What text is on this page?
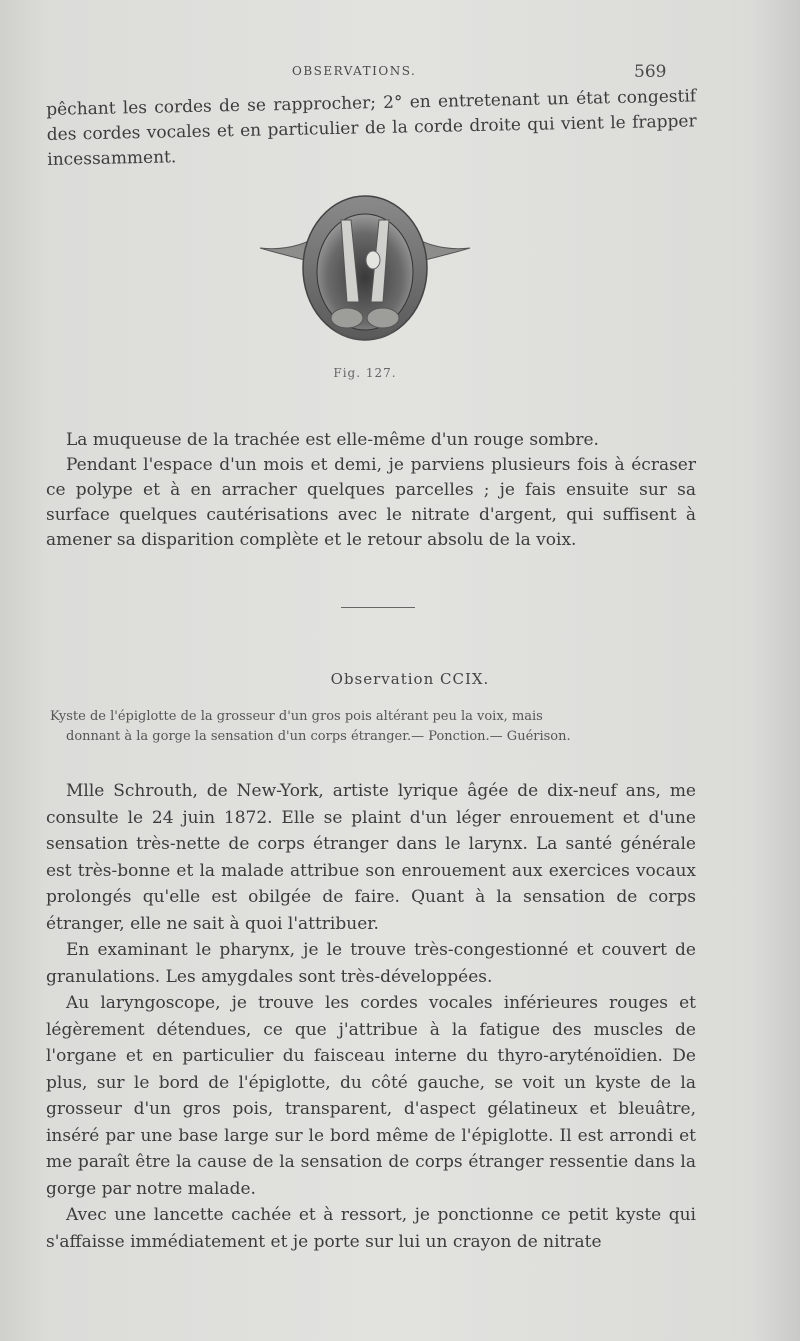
OBSERVATIONS.	569

pêchant les cordes de se rapprocher; 2° en entretenant un état congestif des cordes vocales et en particulier de la corde droite qui vient le frapper incessamment.

Fig. 127.

La muqueuse de la trachée est elle-même d'un rouge sombre.

Pendant l'espace d'un mois et demi, je parviens plusieurs fois à écraser ce polype et à en arracher quelques parcelles ; je fais ensuite sur sa surface quelques cautérisations avec le nitrate d'argent, qui suffisent à amener sa disparition complète et le retour absolu de la voix.

Observation CCIX.
Kyste de l'épiglotte de la grosseur d'un gros pois altérant peu la voix, mais
donnant à la gorge la sensation d'un corps étranger.— Ponction.— Guérison.

Mlle Schrouth, de New-York, artiste lyrique âgée de dix-neuf ans, me consulte le 24 juin 1872. Elle se plaint d'un léger enrouement et d'une sensation très-nette de corps étranger dans le larynx. La santé générale est très-bonne et la malade attribue son enrouement aux exercices vocaux prolongés qu'elle est obilgée de faire. Quant à la sensation de corps étranger, elle ne sait à quoi l'attribuer.

En examinant le pharynx, je le trouve très-congestionné et couvert de granulations. Les amygdales sont très-développées.

Au laryngoscope, je trouve les cordes vocales inférieures rouges et légèrement détendues, ce que j'attribue à la fatigue des muscles de l'organe et en particulier du faisceau interne du thyro-aryténoïdien. De plus, sur le bord de l'épiglotte, du côté gauche, se voit un kyste de la grosseur d'un gros pois, transparent, d'aspect gélatineux et bleuâtre, inséré par une base large sur le bord même de l'épiglotte. Il est arrondi et me paraît être la cause de la sensation de corps étranger ressentie dans la gorge par notre malade.

Avec une lancette cachée et à ressort, je ponctionne ce petit kyste qui s'affaisse immédiatement et je porte sur lui un crayon de nitrate
